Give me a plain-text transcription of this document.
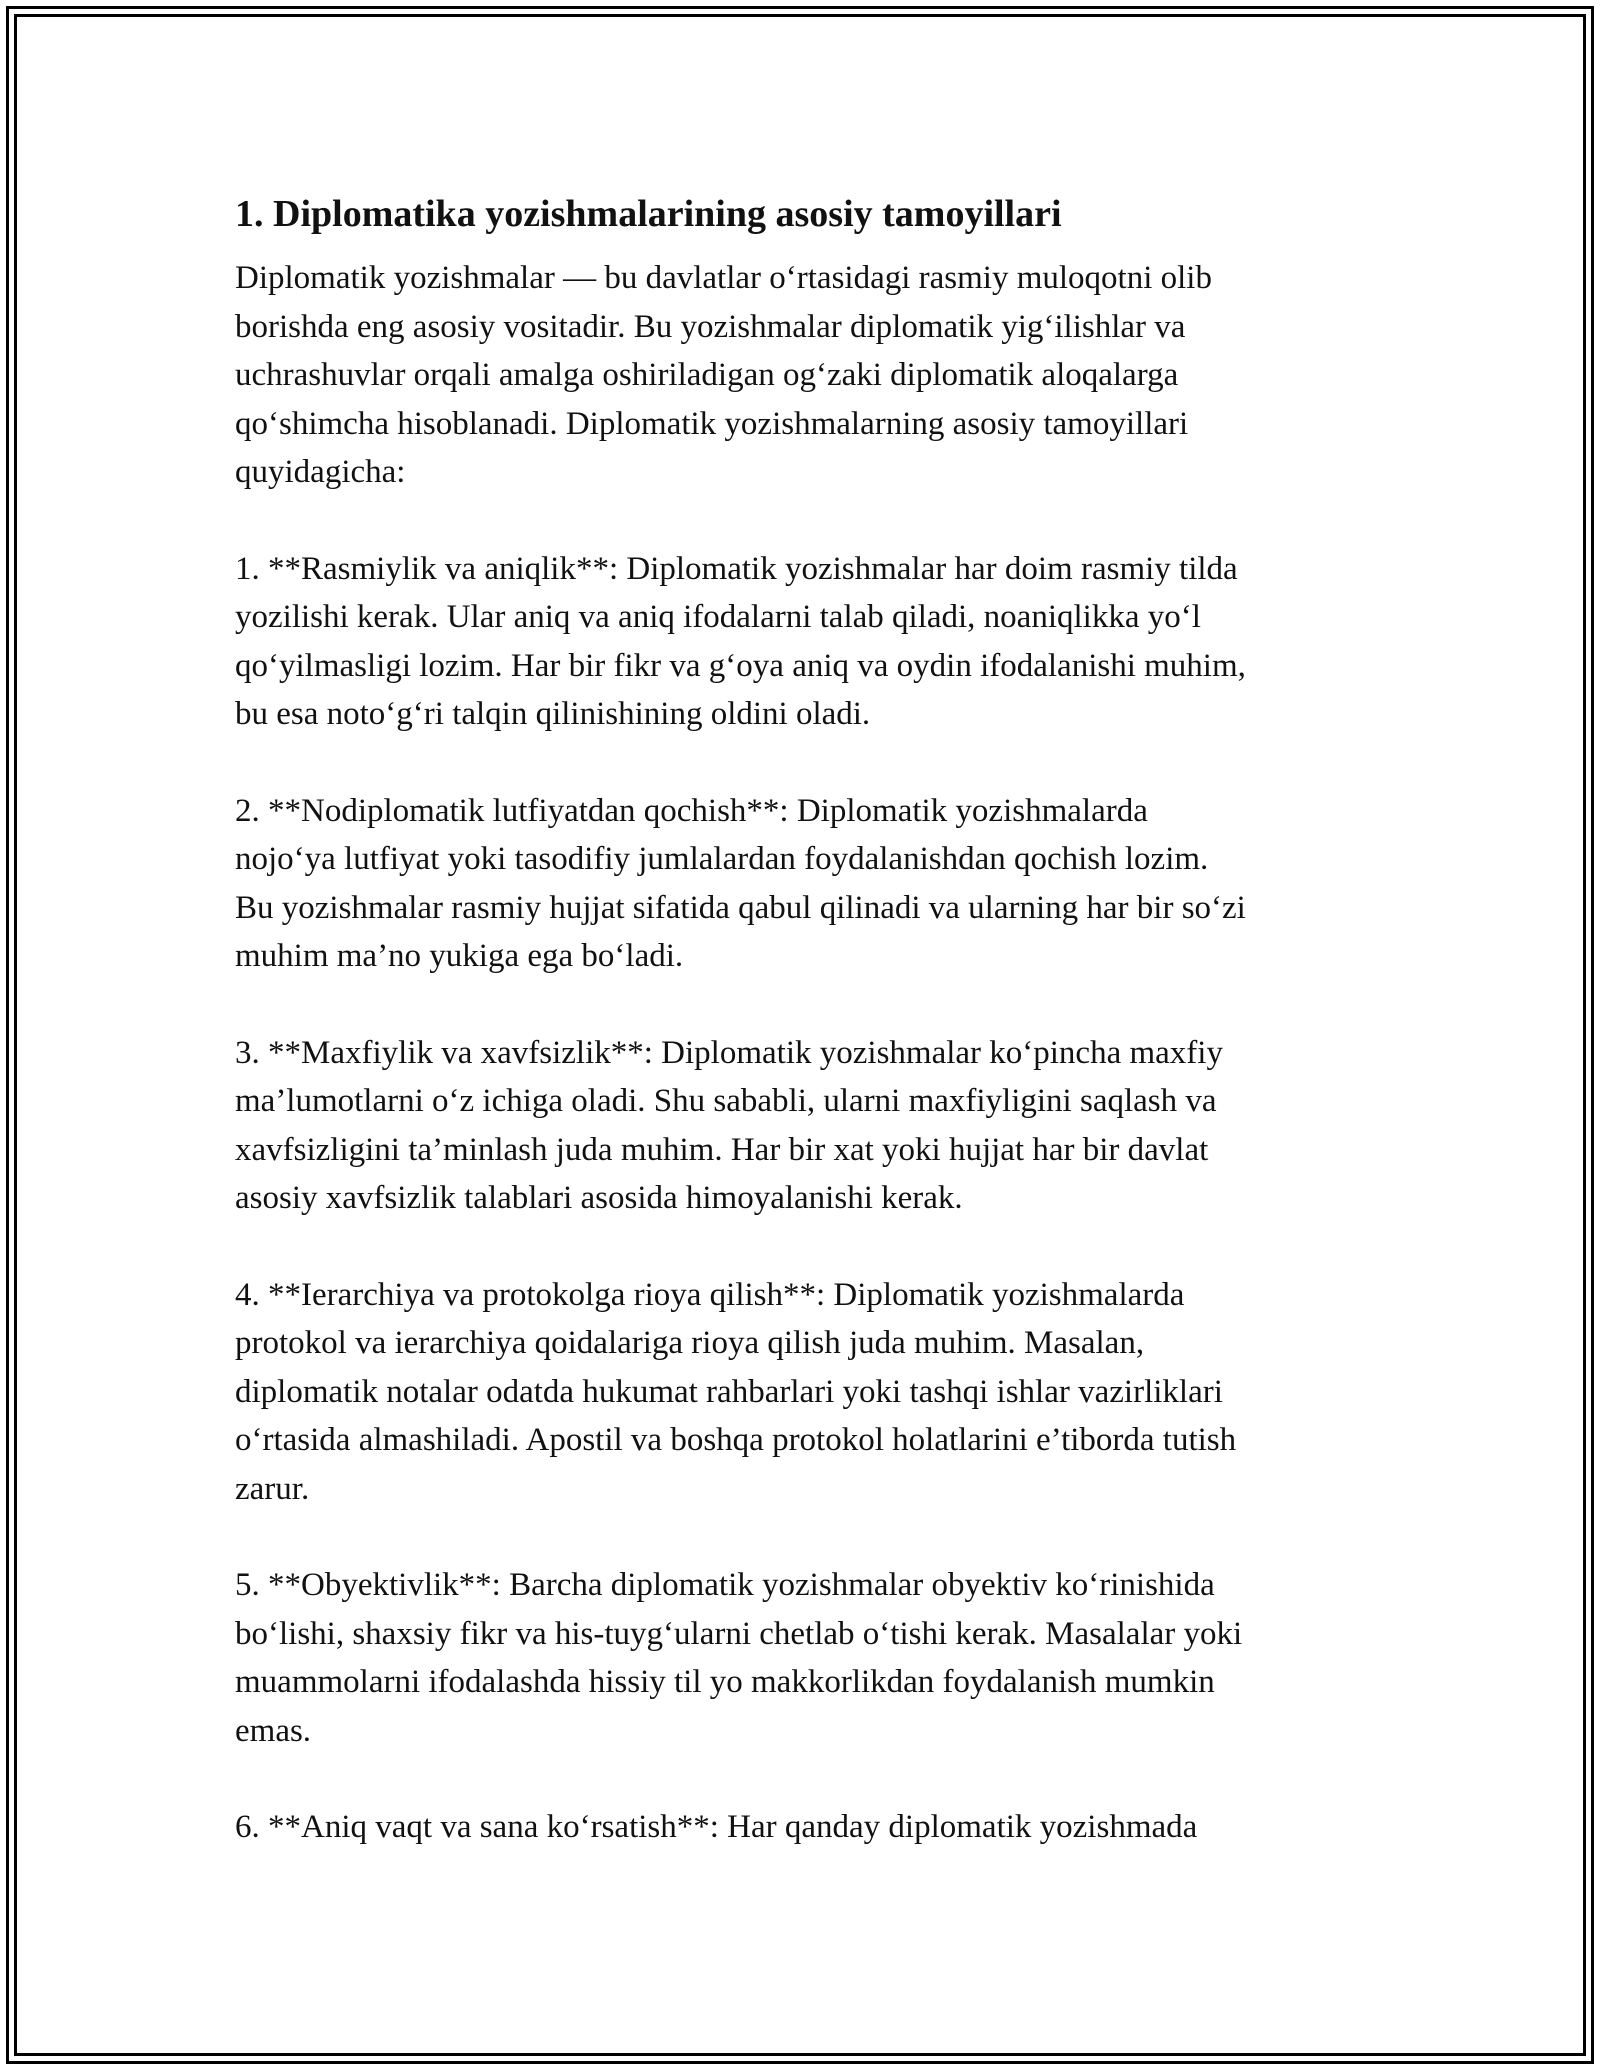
1. Diplomatika yozishmalarining asosiy tamoyillari
Diplomatik yozishmalar — bu davlatlar o‘rtasidagi rasmiy muloqotni olib
borishda eng asosiy vositadir. Bu yozishmalar diplomatik yig‘ilishlar va
uchrashuvlar orqali amalga oshiriladigan og‘zaki diplomatik aloqalarga
qo‘shimcha hisoblanadi. Diplomatik yozishmalarning asosiy tamoyillari
quyidagicha:
1. **Rasmiylik va aniqlik**: Diplomatik yozishmalar har doim rasmiy tilda
yozilishi kerak. Ular aniq va aniq ifodalarni talab qiladi, noaniqlikka yo‘l
qo‘yilmasligi lozim. Har bir fikr va g‘oya aniq va oydin ifodalanishi muhim,
bu esa noto‘g‘ri talqin qilinishining oldini oladi.
2. **Nodiplomatik lutfiyatdan qochish**: Diplomatik yozishmalarda
nojo‘ya lutfiyat yoki tasodifiy jumlalardan foydalanishdan qochish lozim.
Bu yozishmalar rasmiy hujjat sifatida qabul qilinadi va ularning har bir so‘zi
muhim ma’no yukiga ega bo‘ladi.
3. **Maxfiylik va xavfsizlik**: Diplomatik yozishmalar ko‘pincha maxfiy
ma’lumotlarni o‘z ichiga oladi. Shu sababli, ularni maxfiyligini saqlash va
xavfsizligini ta’minlash juda muhim. Har bir xat yoki hujjat har bir davlat
asosiy xavfsizlik talablari asosida himoyalanishi kerak.
4. **Ierarchiya va protokolga rioya qilish**: Diplomatik yozishmalarda
protokol va ierarchiya qoidalariga rioya qilish juda muhim. Masalan,
diplomatik notalar odatda hukumat rahbarlari yoki tashqi ishlar vazirliklari
o‘rtasida almashiladi. Apostil va boshqa protokol holatlarini e’tiborda tutish
zarur.
5. **Obyektivlik**: Barcha diplomatik yozishmalar obyektiv ko‘rinishida
bo‘lishi, shaxsiy fikr va his-tuyg‘ularni chetlab o‘tishi kerak. Masalalar yoki
muammolarni ifodalashda hissiy til yo makkorlikdan foydalanish mumkin
emas.
6. **Aniq vaqt va sana ko‘rsatish**: Har qanday diplomatik yozishmada
